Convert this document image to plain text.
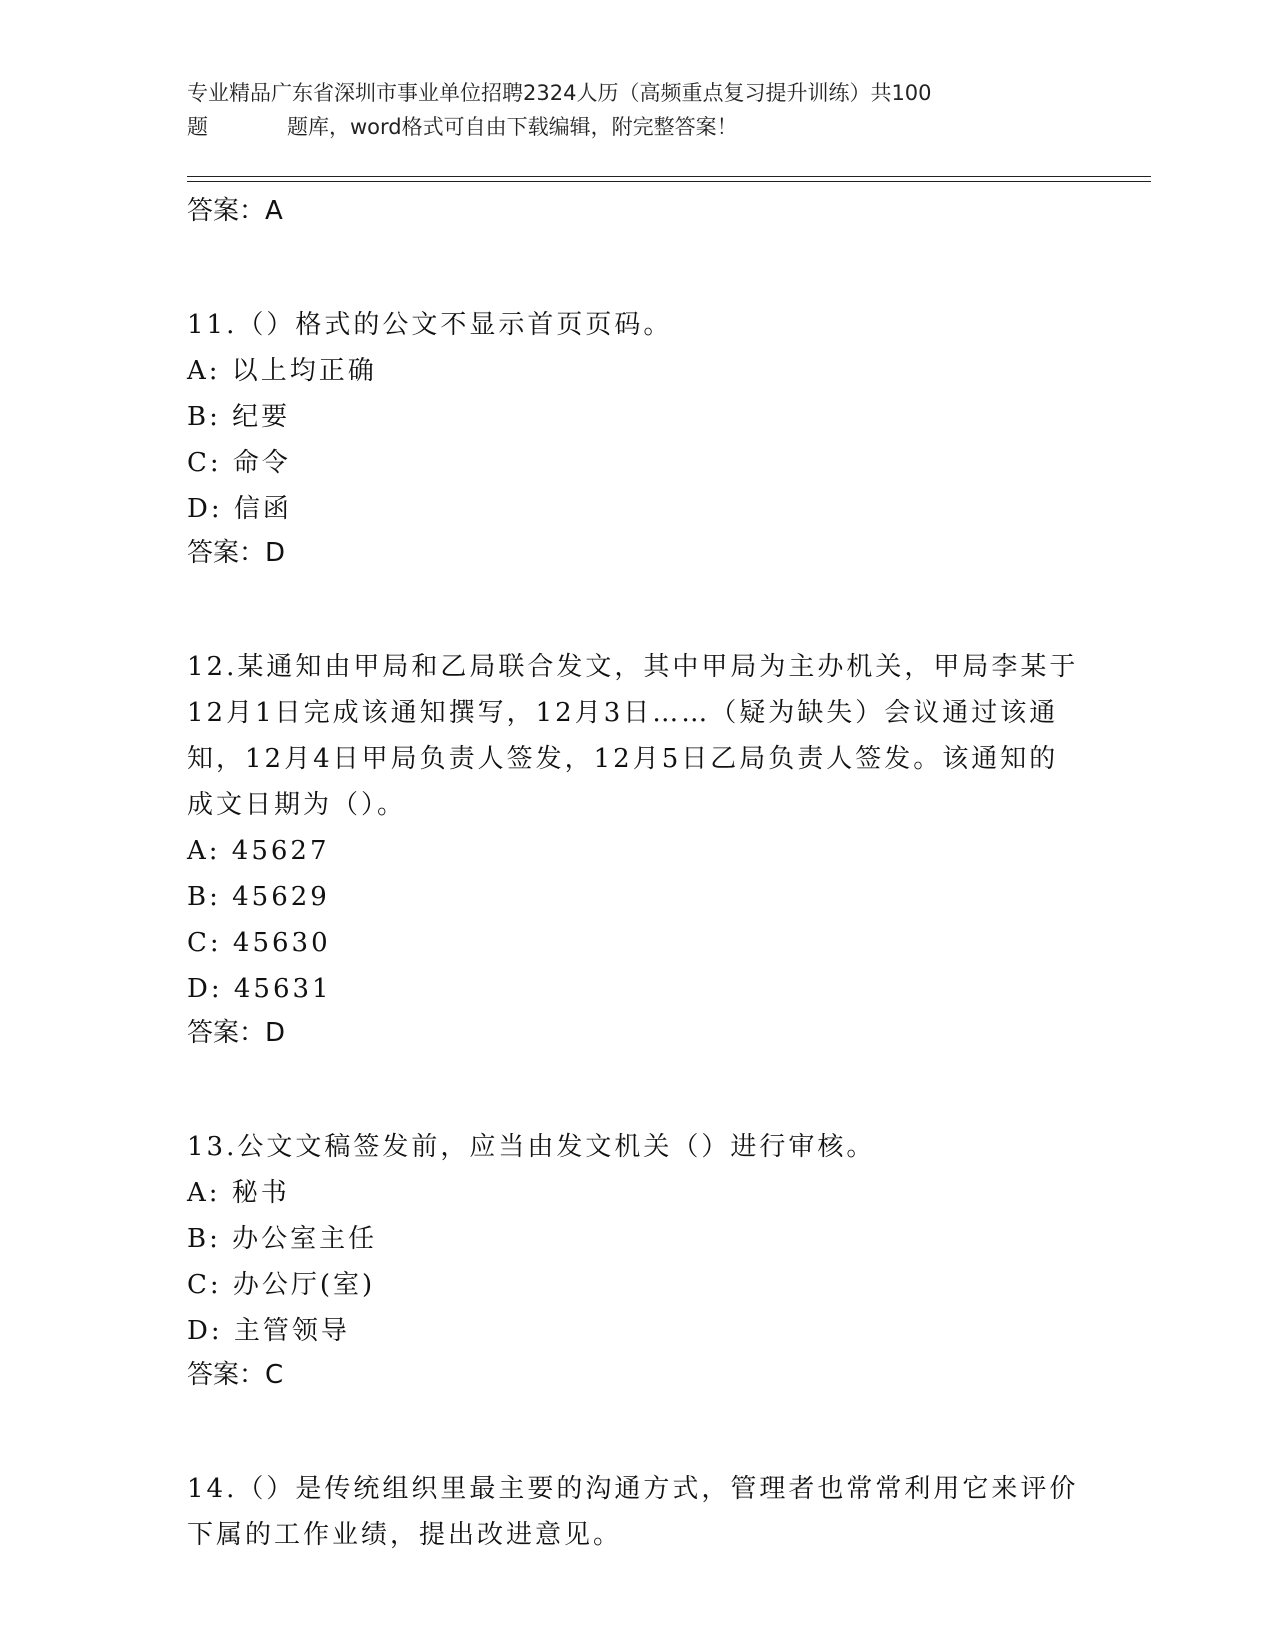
专业精品广东省深圳市事业单位招聘2324人历（高频重点复习提升训练）共100
题	题库，word格式可自由下载编辑，附完整答案！
答案：A

11.（）格式的公文不显示首页页码。

A: 以上均正确
B: 纪要
C: 命令
D: 信函
答案：D

12.某通知由甲局和乙局联合发文，其中甲局为主办机关，甲局李某于

12月1日完成该通知撰写，12月3日……（疑为缺失）会议通过该通

知，12月4日甲局负责人签发，12月5日乙局负责人签发。该通知的

成文日期为（）。

A: 45627
B: 45629
C: 45630
D: 45631
答案：D

13.公文文稿签发前，应当由发文机关（）进行审核。

A: 秘书
B: 办公室主任
C: 办公厅(室)
D: 主管领导
答案：C

14.（）是传统组织里最主要的沟通方式，管理者也常常利用它来评价

下属的工作业绩，提出改进意见。
